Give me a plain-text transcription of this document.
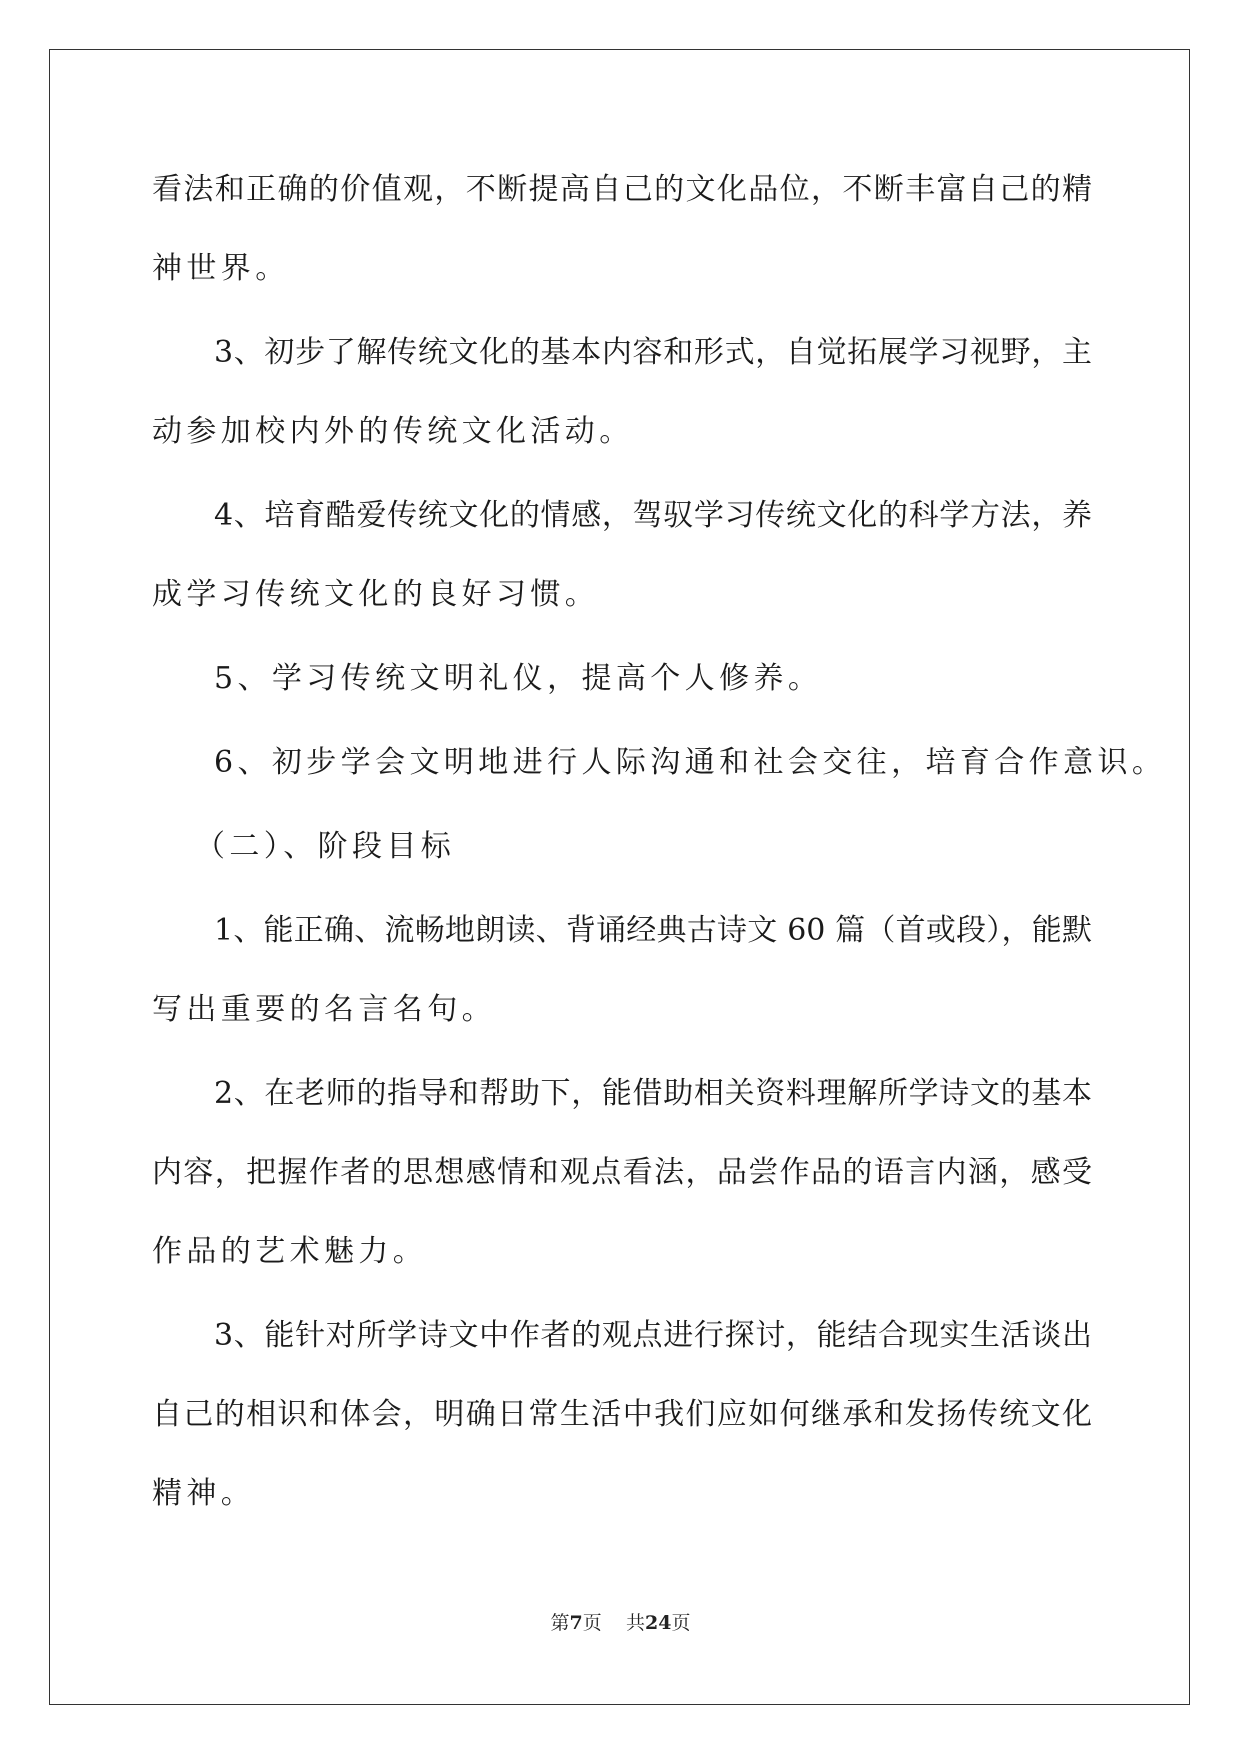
看法和正确的价值观，不断提高自己的文化品位，不断丰富自己的精
神世界。
3、初步了解传统文化的基本内容和形式，自觉拓展学习视野，主
动参加校内外的传统文化活动。
4、培育酷爱传统文化的情感，驾驭学习传统文化的科学方法，养
成学习传统文化的良好习惯。
5、学习传统文明礼仪，提高个人修养。
6、初步学会文明地进行人际沟通和社会交往，培育合作意识。
（二）、阶段目标
1、能正确、流畅地朗读、背诵经典古诗文 60 篇（首或段），能默
写出重要的名言名句。
2、在老师的指导和帮助下，能借助相关资料理解所学诗文的基本
内容，把握作者的思想感情和观点看法，品尝作品的语言内涵，感受
作品的艺术魅力。
3、能针对所学诗文中作者的观点进行探讨，能结合现实生活谈出
自己的相识和体会，明确日常生活中我们应如何继承和发扬传统文化
精神。
第7页 共24页
